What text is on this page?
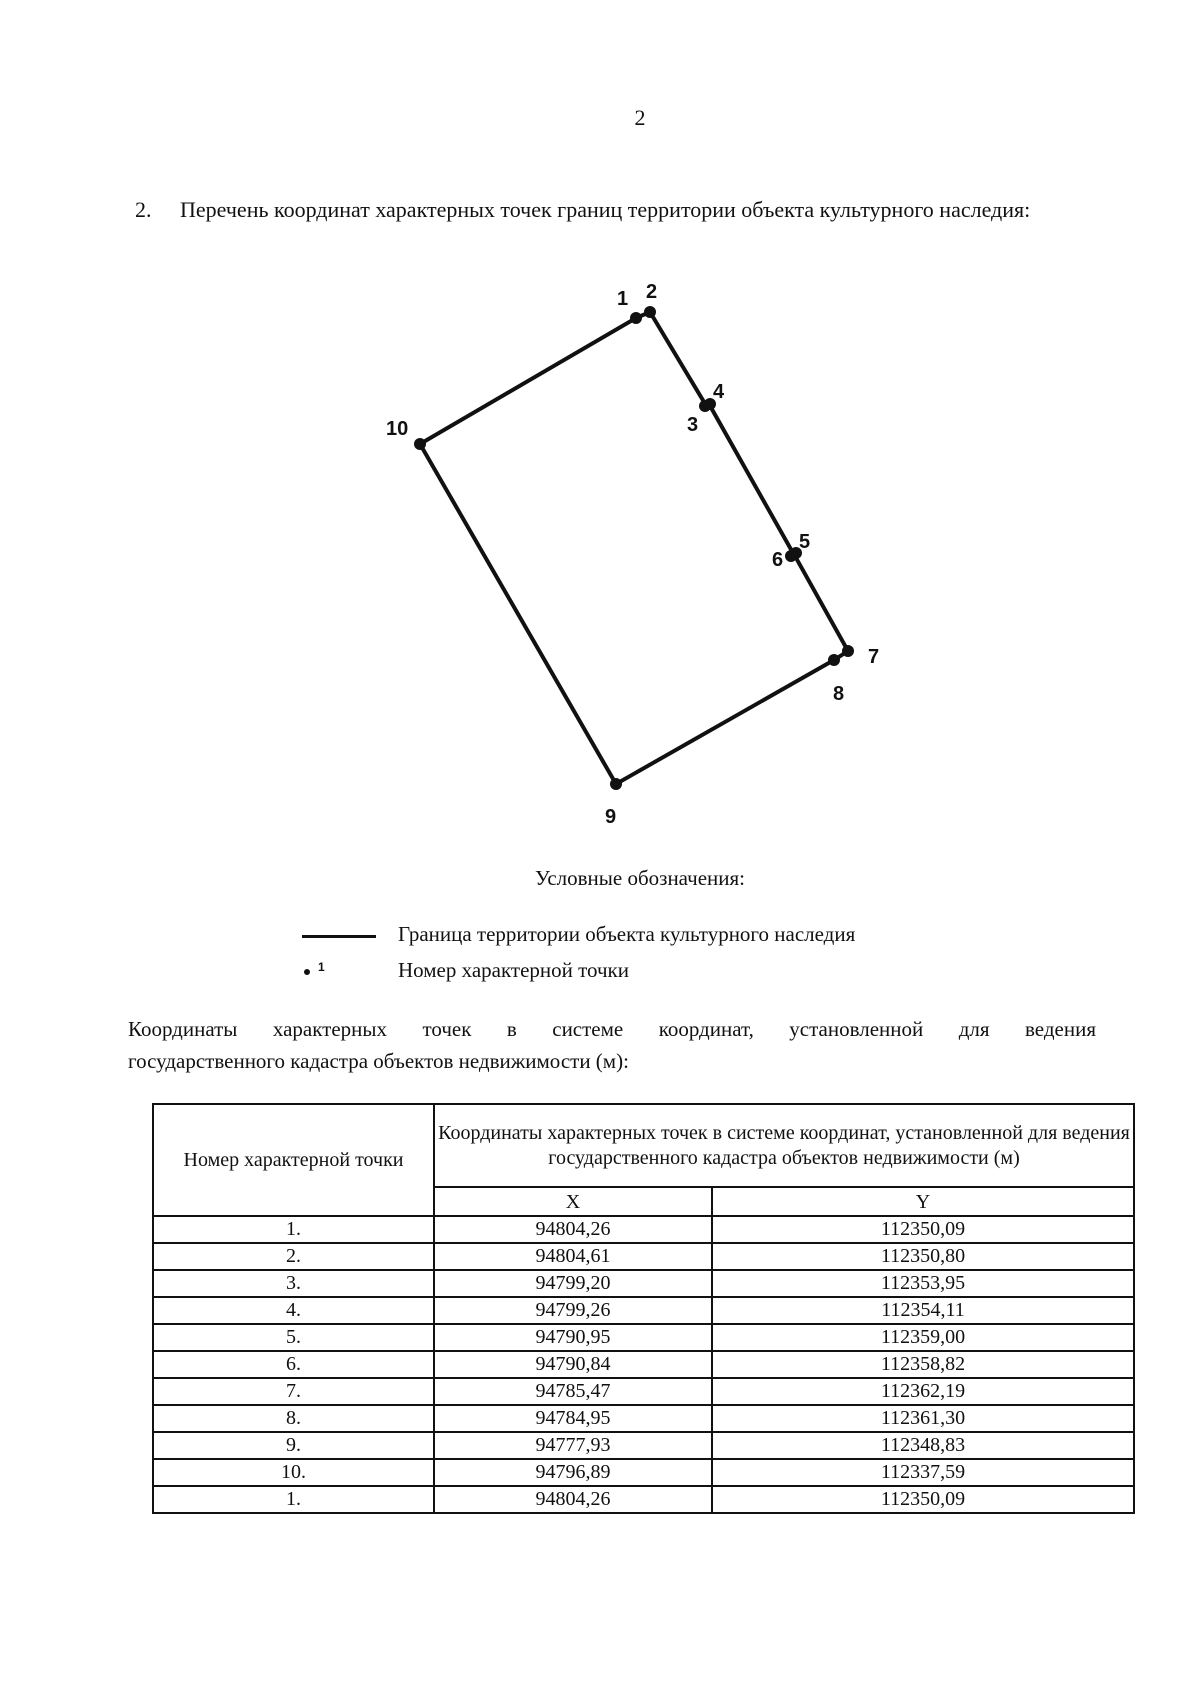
2
2. Перечень координат характерных точек границ территории объекта культурного наследия:
1 2
3
4
5
6
7
8
9
10
Условные обозначения:
Граница территории объекта культурного наследия
1	Номер характерной точки
Координаты характерных точек в системе координат, установленной для ведения
государственного кадастра объектов недвижимости (м):
Номер характерной точки	Координаты характерных точек в системе координат, установленной для ведения государственного кадастра объектов недвижимости (м)	
	X	Y
1.	94804,26	112350,09
2.	94804,61	112350,80
3.	94799,20	112353,95
4.	94799,26	112354,11
5.	94790,95	112359,00
6.	94790,84	112358,82
7.	94785,47	112362,19
8.	94784,95	112361,30
9.	94777,93	112348,83
10.	94796,89	112337,59
1.	94804,26	112350,09
